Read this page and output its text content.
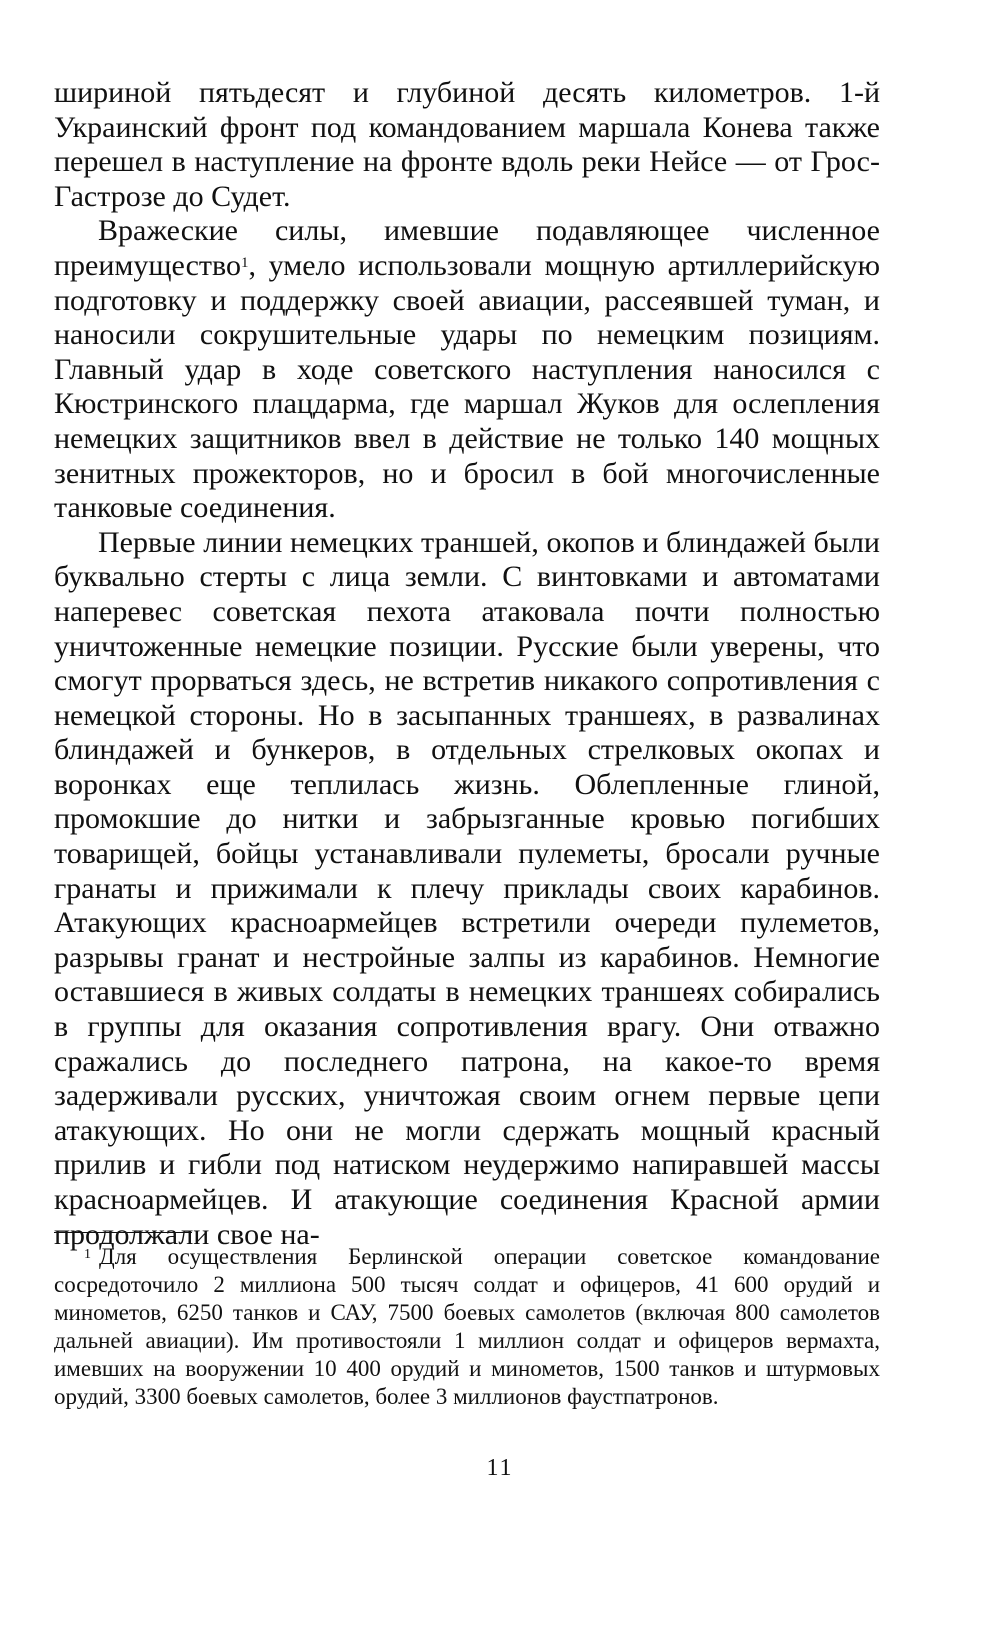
шириной пятьдесят и глубиной десять километров. 1-й Украинский фронт под командованием маршала Конева также перешел в наступление на фронте вдоль реки Нейсе — от Грос-Гастрозе до Судет.

Вражеские силы, имевшие подавляющее численное преимущество$^1$, умело использовали мощную артиллерийскую подготовку и поддержку своей авиации, рассеявшей туман, и наносили сокрушительные удары по немецким позициям. Главный удар в ходе советского наступления наносился с Кюстринского плацдарма, где маршал Жуков для ослепления немецких защитников ввел в действие не только 140 мощных зенитных прожекторов, но и бросил в бой многочисленные танковые соединения.

Первые линии немецких траншей, окопов и блиндажей были буквально стерты с лица земли. С винтовками и автоматами наперевес советская пехота атаковала почти полностью уничтоженные немецкие позиции. Русские были уверены, что смогут прорваться здесь, не встретив никакого сопротивления с немецкой стороны. Но в засыпанных траншеях, в развалинах блиндажей и бункеров, в отдельных стрелковых окопах и воронках еще теплилась жизнь. Облепленные глиной, промокшие до нитки и забрызганные кровью погибших товарищей, бойцы устанавливали пулеметы, бросали ручные гранаты и прижимали к плечу приклады своих карабинов. Атакующих красноармейцев встретили очереди пулеметов, разрывы гранат и нестройные залпы из карабинов. Немногие оставшиеся в живых солдаты в немецких траншеях собирались в группы для оказания сопротивления врагу. Они отважно сражались до последнего патрона, на какое-то время задерживали русских, уничтожая своим огнем первые цепи атакующих. Но они не могли сдержать мощный красный прилив и гибли под натиском неудержимо напиравшей массы красноармейцев. И атакующие соединения Красной армии продолжали свое на-

$^1$ Для осуществления Берлинской операции советское командование сосредоточило 2 миллиона 500 тысяч солдат и офицеров, 41 600 орудий и минометов, 6250 танков и САУ, 7500 боевых самолетов (включая 800 самолетов дальней авиации). Им противостояли 1 миллион солдат и офицеров вермахта, имевших на вооружении 10 400 орудий и минометов, 1500 танков и штурмовых орудий, 3300 боевых самолетов, более 3 миллионов фаустпатронов.

11
